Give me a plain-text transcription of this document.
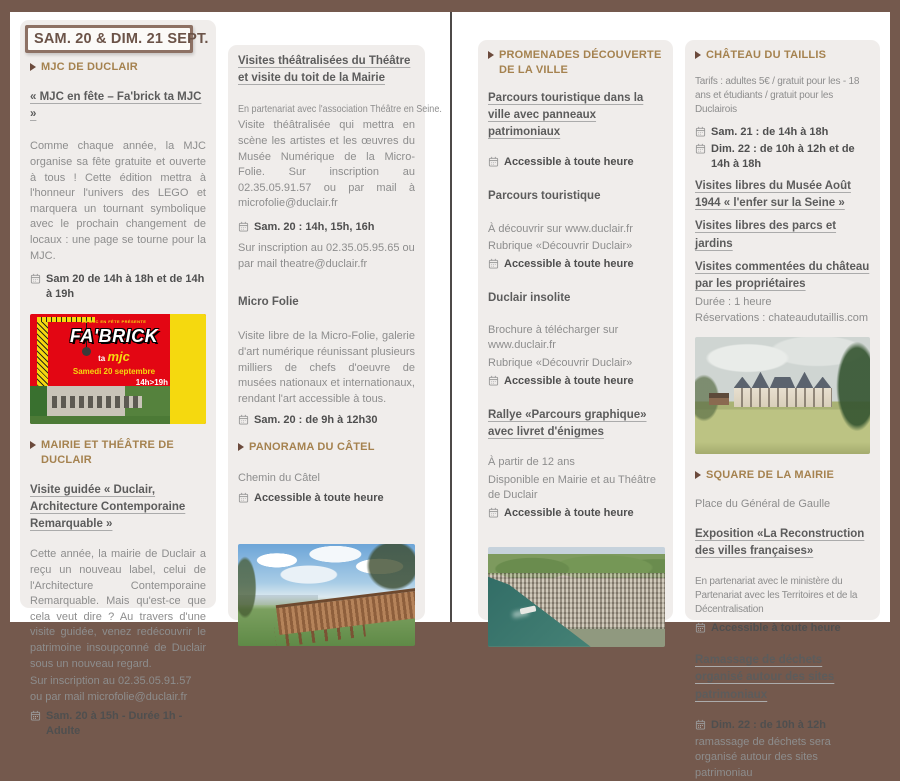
SAM. 20 & DIM. 21 SEPT.
MJC DE DUCLAIR
« MJC en fête – Fa'brick ta MJC »
Comme chaque année, la MJC organise sa fête gratuite et ouverte à tous ! Cette édition mettra à l'honneur l'univers des LEGO et marquera un tournant symbolique avec le prochain changement de locaux : une page se tourne pour la MJC.
Sam 20 de 14h à 18h et de 14h à 19h
LA MJC EN FÊTE PRÉSENTE
FA'BRICK
ta mjc
Samedi 20 septembre
14h>19h
MAIRIE ET THÉÂTRE DE DUCLAIR
Visite guidée « Duclair, Architecture Contemporaine Remarquable »
Cette année, la mairie de Duclair a reçu un nouveau label, celui de l'Architecture Contemporaine Remarquable. Mais qu'est-ce que cela veut dire ? Au travers d'une visite guidée, venez redécouvrir le patrimoine insoupçonné de Duclair sous un nouveau regard.
Sur inscription au 02.35.05.91.57 ou par mail microfolie@duclair.fr
Sam. 20 à 15h - Durée 1h - Adulte
Visites théâtralisées du Théâtre et visite du toit de la Mairie
En partenariat avec l'association Théâtre en Seine.
Visite théâtralisée qui mettra en scène les artistes et les œuvres du Musée Numérique de la Micro-Folie. Sur inscription au 02.35.05.91.57 ou par mail à microfolie@duclair.fr
Sam. 20 : 14h, 15h, 16h
Sur inscription au 02.35.05.95.65 ou par mail theatre@duclair.fr
Micro Folie
Visite libre de la Micro-Folie, galerie d'art numérique réunissant plusieurs milliers de chefs d'oeuvre de musées nationaux et internationaux, rendant l'art accessible à tous.
Sam. 20 : de 9h à 12h30
PANORAMA DU CÂTEL
Chemin du Câtel
Accessible à toute heure
PROMENADES DÉCOUVERTE DE LA VILLE
Parcours touristique dans la ville avec panneaux patrimoniaux
Accessible à toute heure
Parcours touristique
À découvrir sur www.duclair.fr
Rubrique «Découvrir Duclair»
Accessible à toute heure
Duclair insolite
Brochure à télécharger sur www.duclair.fr
Rubrique «Découvrir Duclair»
Accessible à toute heure
Rallye «Parcours graphique» avec livret d'énigmes
À partir de 12 ans
Disponible en Mairie et au Théâtre de Duclair
Accessible à toute heure
CHÂTEAU DU TAILLIS
Tarifs : adultes 5€ / gratuit pour les - 18 ans et étudiants / gratuit pour les Duclairois
Sam. 21 : de 14h à 18h
Dim. 22 : de 10h à 12h et de 14h à 18h
Visites libres du Musée Août 1944 « l'enfer sur la Seine »
Visites libres des parcs et jardins
Visites commentées du château par les propriétaires
Durée : 1 heure
Réservations : chateaudutaillis.com
SQUARE DE LA MAIRIE
Place du Général de Gaulle
Exposition «La Reconstruction des villes françaises»
En partenariat avec le ministère du Partenariat avec les Territoires et de la Décentralisation
Accessible à toute heure
Ramassage de déchets organisé autour des sites patrimoniaux
Dim. 22 : de 10h à 12h
ramassage de déchets sera organisé autour des sites patrimoniau
